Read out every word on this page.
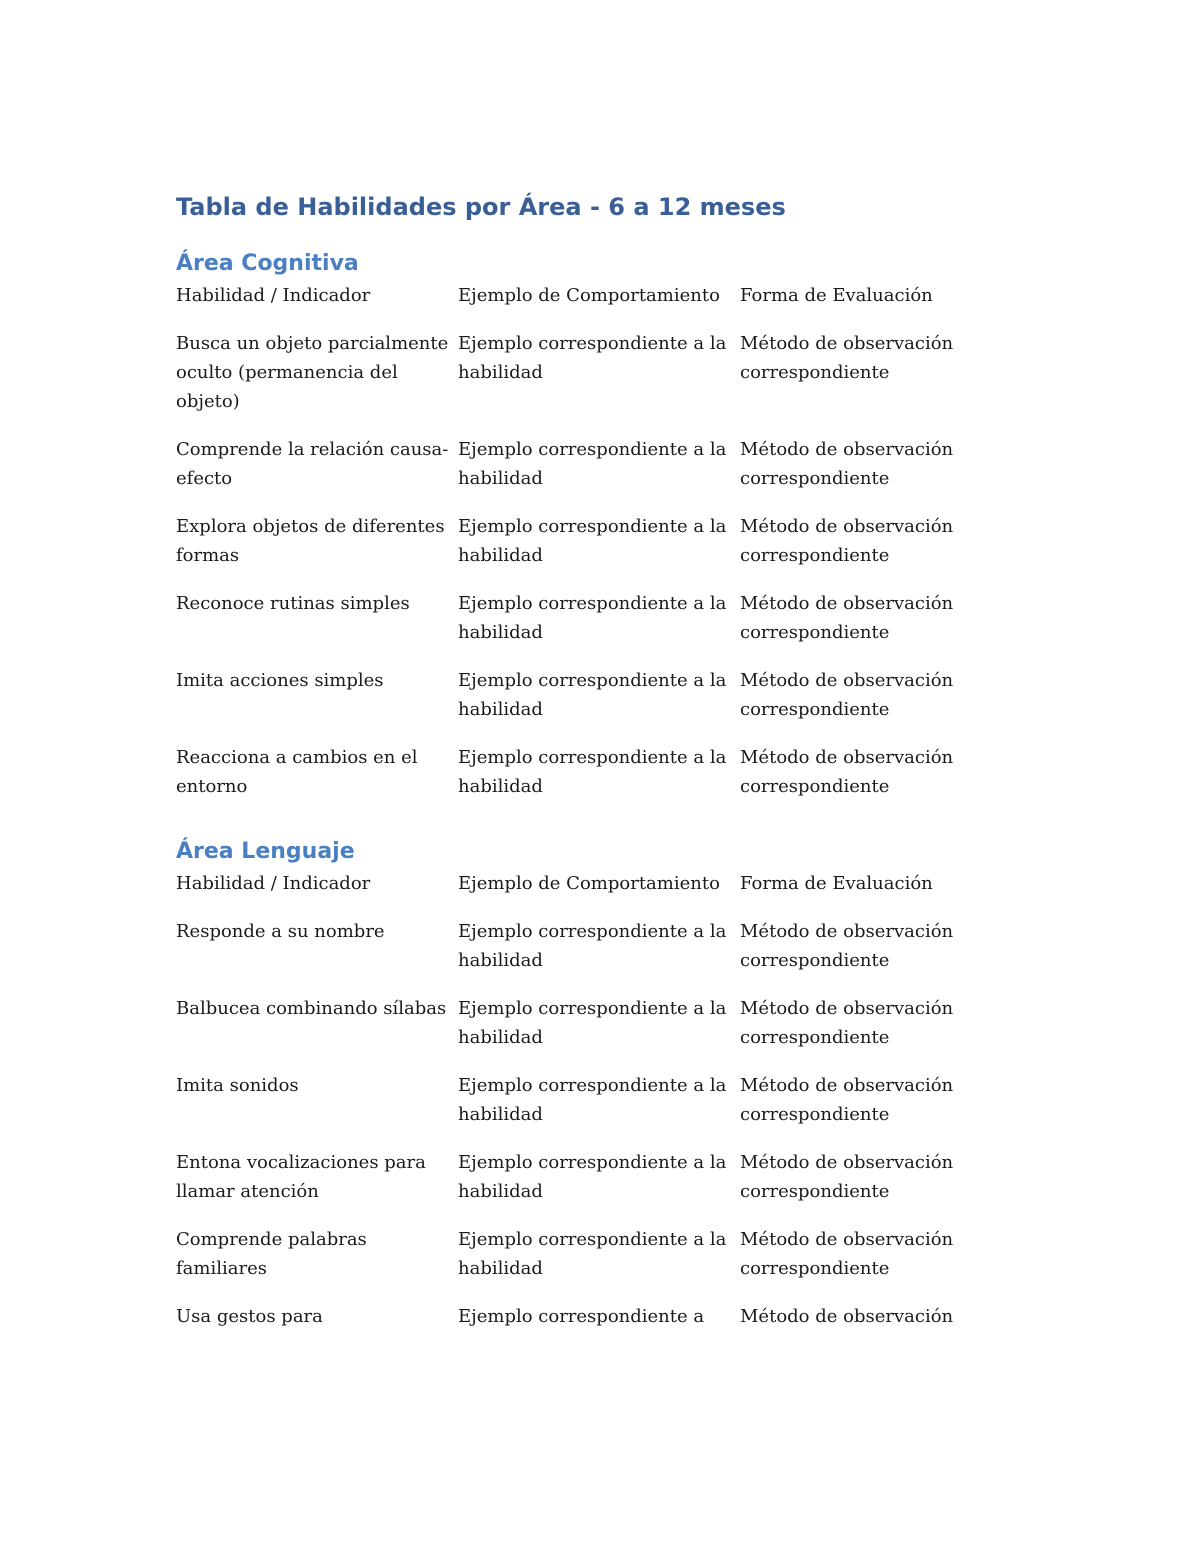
Tabla de Habilidades por Área - 6 a 12 meses
Área Cognitiva
Habilidad / Indicador	Ejemplo de Comportamiento	Forma de Evaluación
Busca un objeto parcialmente oculto (permanencia del objeto)	Ejemplo correspondiente a la habilidad	Método de observación correspondiente
Comprende la relación causa-efecto	Ejemplo correspondiente a la habilidad	Método de observación correspondiente
Explora objetos de diferentes formas	Ejemplo correspondiente a la habilidad	Método de observación correspondiente
Reconoce rutinas simples	Ejemplo correspondiente a la habilidad	Método de observación correspondiente
Imita acciones simples	Ejemplo correspondiente a la habilidad	Método de observación correspondiente
Reacciona a cambios en el entorno	Ejemplo correspondiente a la habilidad	Método de observación correspondiente
Área Lenguaje
Habilidad / Indicador	Ejemplo de Comportamiento	Forma de Evaluación
Responde a su nombre	Ejemplo correspondiente a la habilidad	Método de observación correspondiente
Balbucea combinando sílabas	Ejemplo correspondiente a la habilidad	Método de observación correspondiente
Imita sonidos	Ejemplo correspondiente a la habilidad	Método de observación correspondiente
Entona vocalizaciones para llamar atención	Ejemplo correspondiente a la habilidad	Método de observación correspondiente
Comprende palabras familiares	Ejemplo correspondiente a la habilidad	Método de observación correspondiente
Usa gestos para	Ejemplo correspondiente a	Método de observación
